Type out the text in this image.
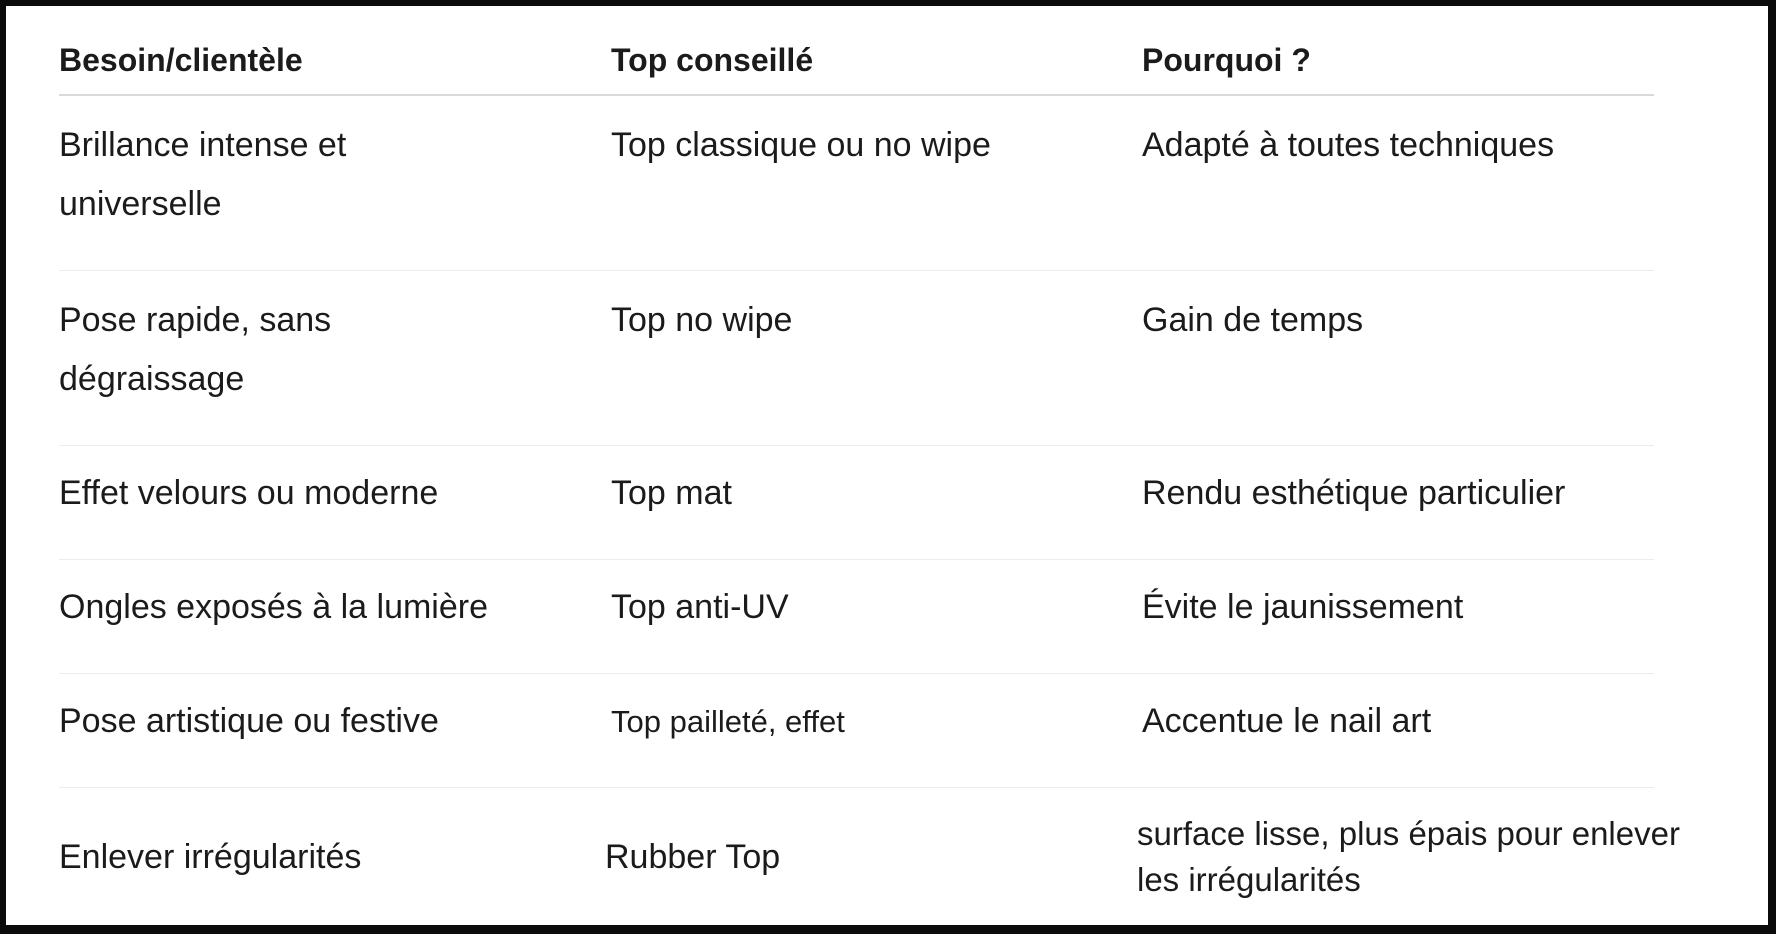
Besoin/clientèle	Top conseillé	Pourquoi ?

Brillance intense et universelle	Top classique ou no wipe	Adapté à toutes techniques

Pose rapide, sans dégraissage	Top no wipe	Gain de temps
Effet velours ou moderne	Top mat	Rendu esthétique particulier
Ongles exposés à la lumière	Top anti-UV	Évite le jaunissement
Pose artistique ou festive	Top pailleté, effet	Accentue le nail art
Enlever irrégularités	Rubber Top	surface lisse, plus épais pour enlever les irrégularités
